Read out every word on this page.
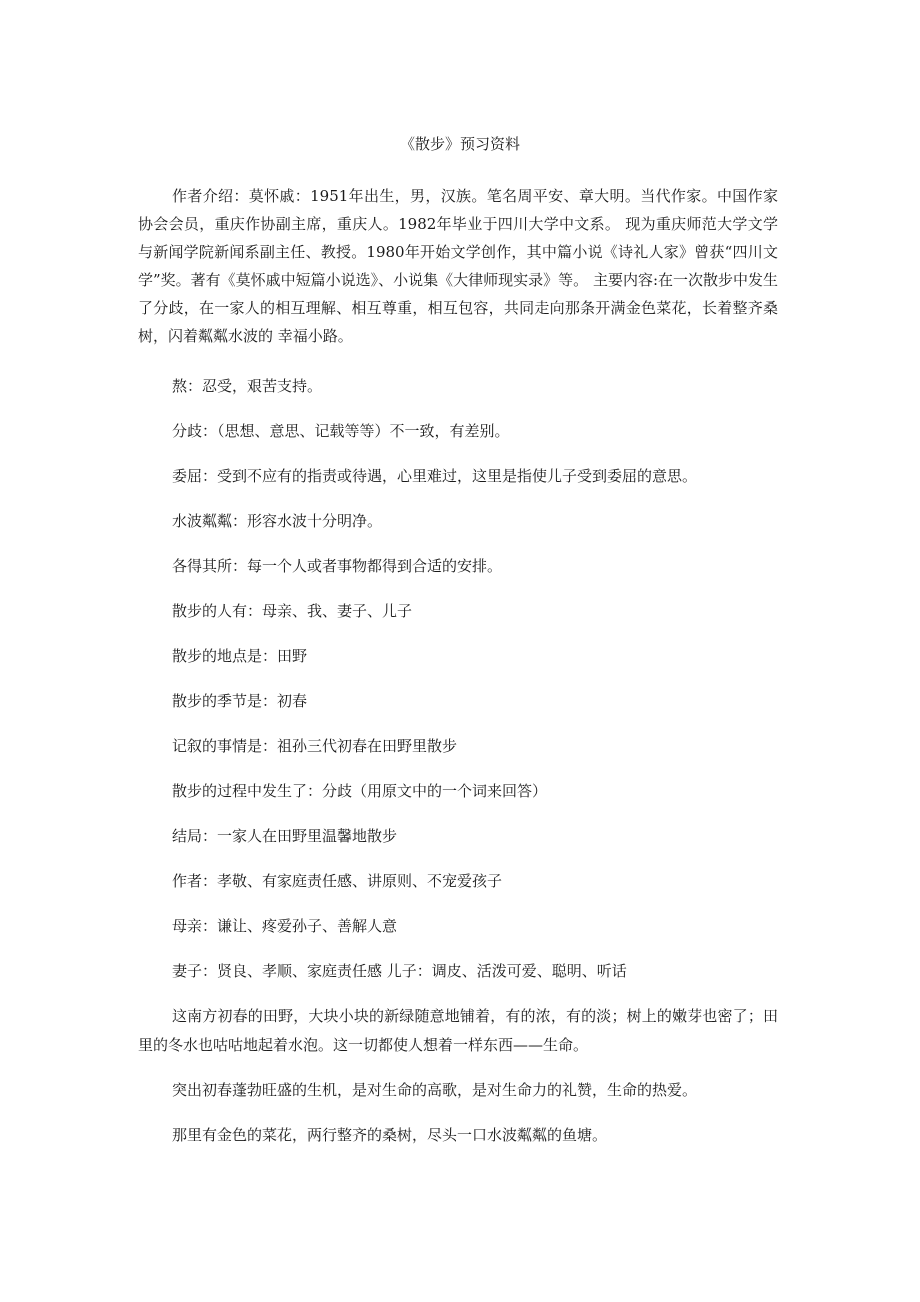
《散步》预习资料

作者介绍：莫怀戚：1951年出生，男，汉族。笔名周平安、章大明。当代作家。中国作家协会会员，重庆作协副主席，重庆人。1982年毕业于四川大学中文系。 现为重庆师范大学文学与新闻学院新闻系副主任、教授。1980年开始文学创作，其中篇小说《诗礼人家》曾获“四川文学”奖。著有《莫怀戚中短篇小说选》、小说集《大律师现实录》等。 主要内容:在一次散步中发生了分歧，在一家人的相互理解、相互尊重，相互包容，共同走向那条开满金色菜花，长着整齐桑树，闪着粼粼水波的 幸福小路。

熬：忍受，艰苦支持。

分歧：（思想、意思、记载等等）不一致，有差别。

委屈：受到不应有的指责或待遇，心里难过，这里是指使儿子受到委屈的意思。

水波粼粼：形容水波十分明净。

各得其所：每一个人或者事物都得到合适的安排。

散步的人有：母亲、我、妻子、儿子

散步的地点是：田野

散步的季节是：初春

记叙的事情是：祖孙三代初春在田野里散步

散步的过程中发生了：分歧（用原文中的一个词来回答）

结局：一家人在田野里温馨地散步

作者：孝敬、有家庭责任感、讲原则、不宠爱孩子

母亲：谦让、疼爱孙子、善解人意

妻子：贤良、孝顺、家庭责任感 儿子：调皮、活泼可爱、聪明、听话

这南方初春的田野，大块小块的新绿随意地铺着，有的浓，有的淡；树上的嫩芽也密了；田里的冬水也咕咕地起着水泡。这一切都使人想着一样东西——生命。

突出初春蓬勃旺盛的生机，是对生命的高歌，是对生命力的礼赞，生命的热爱。

那里有金色的菜花，两行整齐的桑树，尽头一口水波粼粼的鱼塘。
